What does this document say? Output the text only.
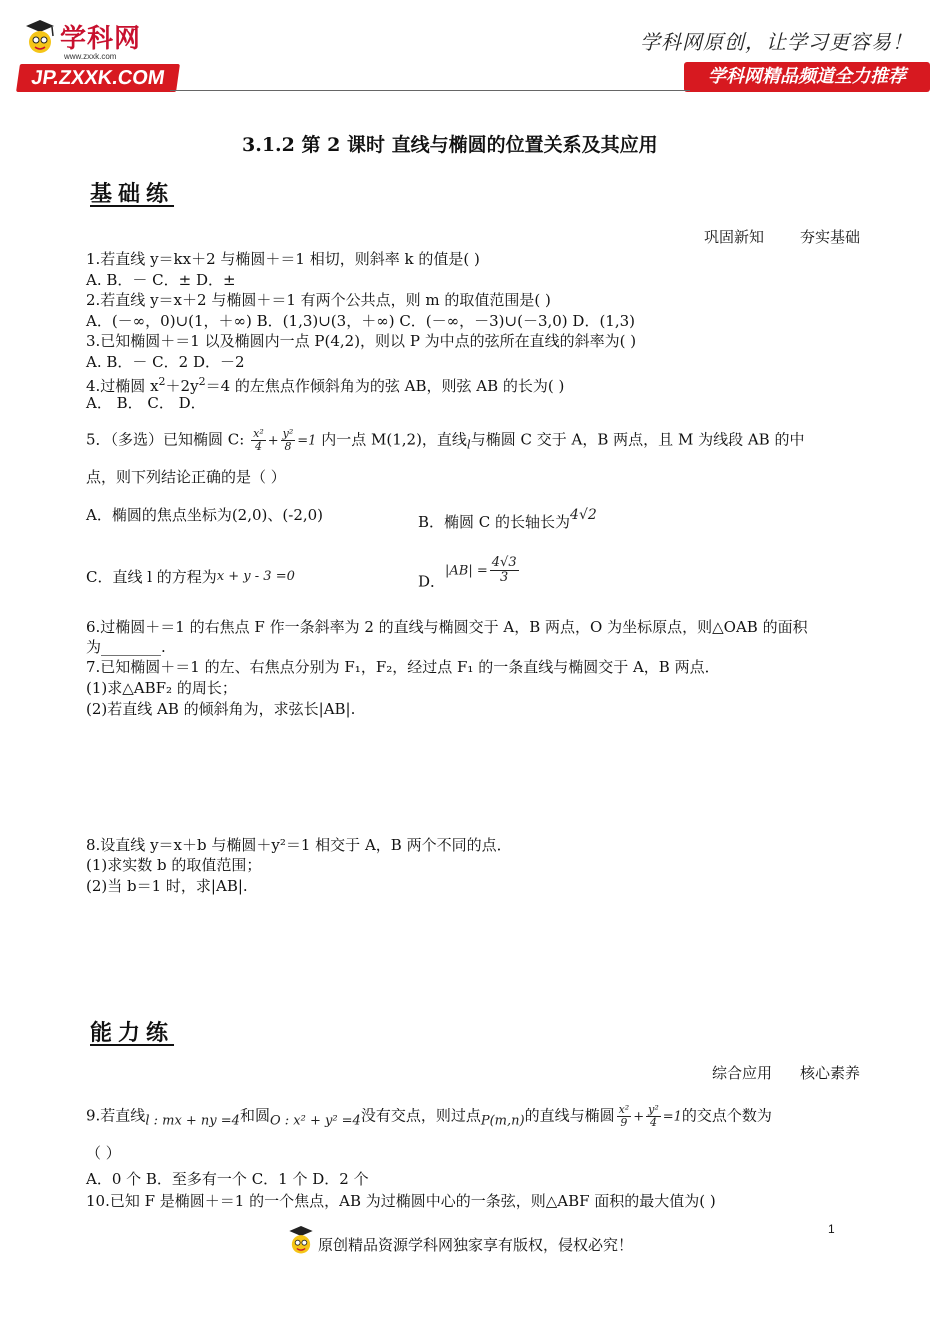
学科网
www.zxxk.com
JP.ZXXK.COM
学科网原创，让学习更容易！
学科网精品频道全力推荐
3.1.2 第 2 课时 直线与椭圆的位置关系及其应用
基础练
巩固新知 夯实基础
1.若直线 y＝kx＋2 与椭圆＋＝1 相切，则斜率 k 的值是( )
A. B．－ C．± D．±
2.若直线 y＝x＋2 与椭圆＋＝1 有两个公共点，则 m 的取值范围是( )
A．(－∞，0)∪(1，＋∞) B．(1,3)∪(3，＋∞) C．(－∞，－3)∪(－3,0) D．(1,3)
3.已知椭圆＋＝1 以及椭圆内一点 P(4,2)，则以 P 为中点的弦所在直线的斜率为( )
A. B．－ C．2 D．－2
4.过椭圆 $x^2+2y^2=4$ 的左焦点作倾斜角为的弦 AB，则弦 AB 的长为( )
A． B． C． D．
5．（多选）已知椭圆 C: $\frac{\text{x²}}{4} + \frac{\text{y²}}{8} =1$ 内一点 M(1,2)，直线$_l$与椭圆 C 交于 A，B 两点，且 M 为线段 AB 的中
点，则下列结论正确的是（ ）
A．椭圆的焦点坐标为(2,0)、(-2,0)	B．椭圆 C 的长轴长为4√2
C．直线 l 的方程为x + y - 3 =0	D．$|AB| = \frac{4√3}{3}$
6.过椭圆＋＝1 的右焦点 F 作一条斜率为 2 的直线与椭圆交于 A，B 两点，O 为坐标原点，则△OAB 的面积
为________.
7.已知椭圆＋＝1 的左、右焦点分别为 F₁，F₂，经过点 F₁ 的一条直线与椭圆交于 A，B 两点．
(1)求△ABF₂ 的周长；
(2)若直线 AB 的倾斜角为，求弦长|AB|.
8.设直线 y＝x＋b 与椭圆＋y²＝1 相交于 A，B 两个不同的点．
(1)求实数 b 的取值范围；
(2)当 b＝1 时，求|AB|.
能力练
综合应用 核心素养
9.若直线l : mx + ny =4和圆O : x² + y² =4没有交点，则过点P(m,n)的直线与椭圆 $\frac{\text{x²}}{9} + \frac{\text{y²}}{4} =1$的交点个数为
（ ）
A．0 个 B．至多有一个 C．1 个 D．2 个
10.已知 F 是椭圆＋＝1 的一个焦点，AB 为过椭圆中心的一条弦，则△ABF 面积的最大值为( )
原创精品资源学科网独家享有版权，侵权必究！
1
